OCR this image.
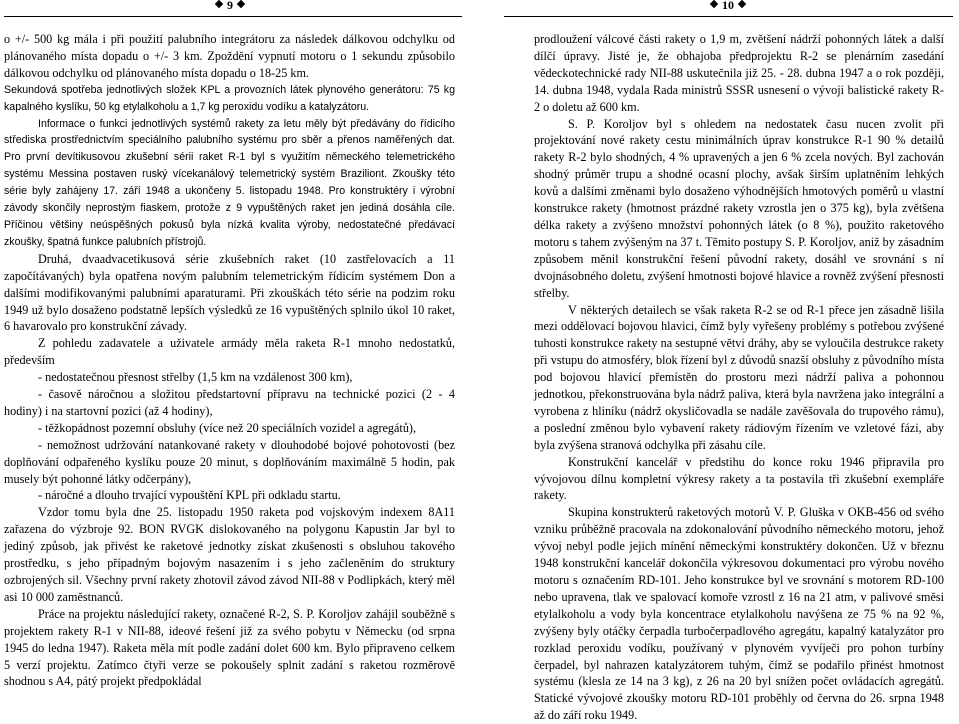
9

o +/- 500 kg mála i při použití palubního integrátoru za následek dálkovou odchylku od plánovaného místa dopadu o +/- 3 km. Zpoždění vypnutí motoru o 1 sekundu způsobilo dálkovou odchylku od plánovaného místa dopadu o 18-25 km.

Sekundová spotřeba jednotlivých složek KPL a provozních látek plynového generátoru: 75 kg kapalného kyslíku, 50 kg etylalkoholu a 1,7 kg peroxidu vodíku a katalyzátoru.

Informace o funkci jednotlivých systémů rakety za letu měly být předávány do řídicího střediska prostřednictvím speciálního palubního systému pro sběr a přenos naměřených dat. Pro první devítikusovou zkušební sérii raket R-1 byl s využitím německého telemetrického systému Messina postaven ruský vícekanálový telemetrický systém Braziliont. Zkoušky této série byly zahájeny 17. září 1948 a ukončeny 5. listopadu 1948. Pro konstruktéry i výrobní závody skončily neprostým fiaskem, protože z 9 vypuštěných raket jen jediná dosáhla cíle. Příčinou většiny neúspěšných pokusů byla nízká kvalita výroby, nedostatečné předávací zkoušky, špatná funkce palubních přístrojů.

Druhá, dvaadvacetikusová série zkušebních raket (10 zastřelovacích a 11 započítávaných) byla opatřena novým palubním telemetrickým řídicím systémem Don a dalšími modifikovanými palubními aparaturami. Při zkouškách této série na podzim roku 1949 už bylo dosaženo podstatně lepších výsledků ze 16 vypuštěných splnilo úkol 10 raket, 6 havarovalo pro konstrukční závady.

Z pohledu zadavatele a uživatele armády měla raketa R-1 mnoho nedostatků, především

- nedostatečnou přesnost střelby (1,5 km na vzdálenost 300 km),

- časově náročnou a složitou předstartovní přípravu na technické pozici (2 - 4 hodiny) i na startovní pozici (až 4 hodiny),

- těžkopádnost pozemní obsluhy (více než 20 speciálních vozidel a agregátů),

- nemožnost udržování natankované rakety v dlouhodobé bojové pohotovosti (bez doplňování odpařeného kyslíku pouze 20 minut, s doplňováním maximálně 5 hodin, pak musely být pohonné látky odčerpány),

- náročné a dlouho trvající vypouštění KPL při odkladu startu.

Vzdor tomu byla dne 25. listopadu 1950 raketa pod vojskovým indexem 8A11 zařazena do výzbroje 92. BON RVGK dislokovaného na polygonu Kapustin Jar byl to jediný způsob, jak přivést ke raketové jednotky získat zkušenosti s obsluhou takového prostředku, s jeho případným bojovým nasazením i s jeho začleněním do struktury ozbrojených sil. Všechny první rakety zhotovil závod závod NII-88 v Podlipkách, který měl asi 10 000 zaměstnanců.

Práce na projektu následující rakety, označené R-2, S. P. Koroljov zahájil souběžně s projektem rakety R-1 v NII-88, ideové řešení již za svého pobytu v Německu (od srpna 1945 do ledna 1947). Raketa měla mít podle zadání dolet 600 km. Bylo připraveno celkem 5 verzí projektu. Zatímco čtyři verze se pokoušely splnit zadání s raketou rozměrově shodnou s A4, pátý projekt předpokládal

10

prodloužení válcové části rakety o 1,9 m, zvětšení nádrží pohonných látek a další dílčí úpravy. Jisté je, že obhajoba předprojektu R-2 se plenárním zasedání vědeckotechnické rady NII-88 uskutečnila již 25. - 28. dubna 1947 a o rok později, 14. dubna 1948, vydala Rada ministrů SSSR usnesení o vývoji balistické rakety R-2 o doletu až 600 km.

S. P. Koroljov byl s ohledem na nedostatek času nucen zvolit při projektování nové rakety cestu minimálních úprav konstrukce R-1 90 % detailů rakety R-2 bylo shodných, 4 % upravených a jen 6 % zcela nových. Byl zachován shodný průměr trupu a shodné ocasní plochy, avšak širším uplatněním lehkých kovů a dalšími změnami bylo dosaženo výhodnějších hmotových poměrů u vlastní konstrukce rakety (hmotnost prázdné rakety vzrostla jen o 375 kg), byla zvětšena délka rakety a zvýšeno množství pohonných látek (o 8 %), použito raketového motoru s tahem zvýšeným na 37 t. Těmito postupy S. P. Koroljov, aniž by zásadním způsobem měnil konstrukční řešení původní rakety, dosáhl ve srovnání s ní dvojnásobného doletu, zvýšení hmotnosti bojové hlavice a rovněž zvýšení přesnosti střelby.

V některých detailech se však raketa R-2 se od R-1 přece jen zásadně lišila mezi oddělovací bojovou hlavici, čímž byly vyřešeny problémy s potřebou zvýšené tuhosti konstrukce rakety na sestupné větvi dráhy, aby se vyloučila destrukce rakety při vstupu do atmosféry, blok řízení byl z důvodů snazší obsluhy z původního místa pod bojovou hlavicí přemístěn do prostoru mezi nádrží paliva a pohonnou jednotkou, překonstruována byla nádrž paliva, která byla navržena jako integrální a vyrobena z hliníku (nádrž okysličovadla se nadále zavěšovala do trupového rámu), a poslední změnou bylo vybavení rakety rádiovým řízením ve vzletové fázi, aby byla zvýšena stranová odchylka při zásahu cíle.

Konstrukční kancelář v předstihu do konce roku 1946 připravila pro vývojovou dílnu kompletní výkresy rakety a ta postavila tři zkušební exempláře rakety.

Skupina konstrukterů raketových motorů V. P. Gluška v OKB-456 od svého vzniku průběžně pracovala na zdokonalování původního německého motoru, jehož vývoj nebyl podle jejich mínění německými konstruktéry dokončen. Už v březnu 1948 konstrukční kancelář dokončila výkresovou dokumentaci pro výrobu nového motoru s označením RD-101. Jeho konstrukce byl ve srovnání s motorem RD-100 nebo upravena, tlak ve spalovací komoře vzrostl z 16 na 21 atm, v palivové směsi etylalkoholu a vody byla koncentrace etylalkoholu navýšena ze 75 % na 92 %, zvýšeny byly otáčky čerpadla turbočerpadlového agregátu, kapalný katalyzátor pro rozklad peroxidu vodíku, používaný v plynovém vyvíječi pro pohon turbíny čerpadel, byl nahrazen katalyzátorem tuhým, čímž se podařilo přinést hmotnost systému (klesla ze 14 na 3 kg), z 26 na 20 byl snížen počet ovládacích agregátů. Statické vývojové zkoušky motoru RD-101 proběhly od června do 26. srpna 1948 až do září roku 1949.
